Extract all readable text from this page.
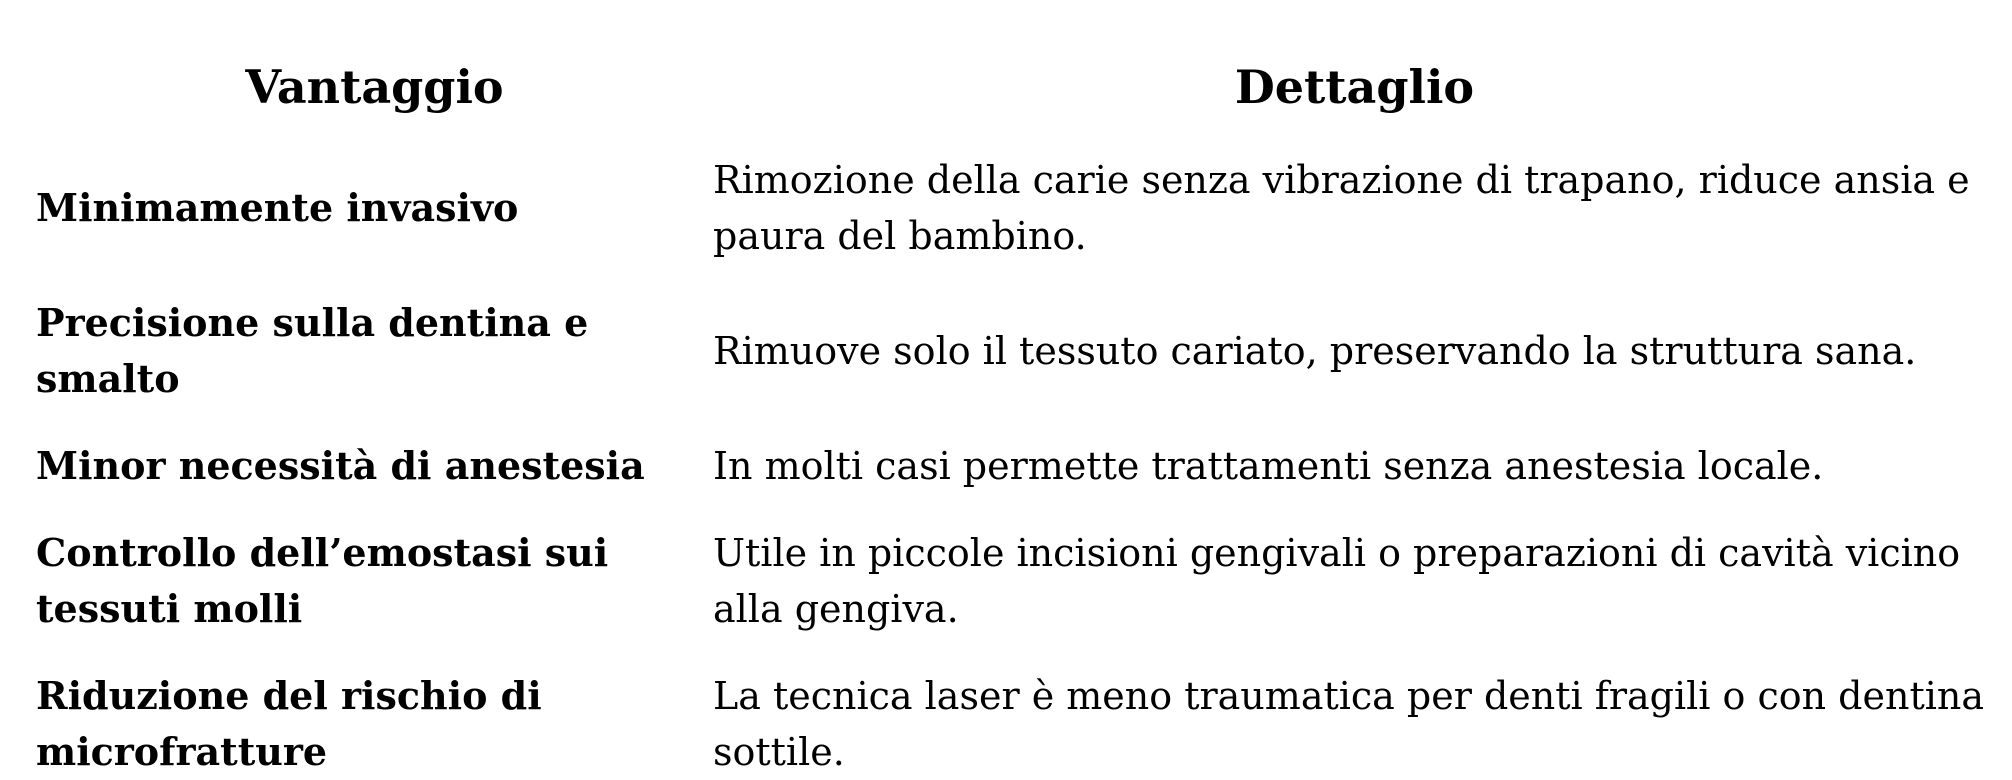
Vantaggio	Dettaglio
Minimamente invasivo	Rimozione della carie senza vibrazione di trapano, riduce ansia e paura del bambino.
Precisione sulla dentina e smalto	Rimuove solo il tessuto cariato, preservando la struttura sana.
Minor necessità di anestesia	In molti casi permette trattamenti senza anestesia locale.
Controllo dell’emostasi sui tessuti molli	Utile in piccole incisioni gengivali o preparazioni di cavità vicino alla gengiva.
Riduzione del rischio di microfratture	La tecnica laser è meno traumatica per denti fragili o con dentina sottile.
